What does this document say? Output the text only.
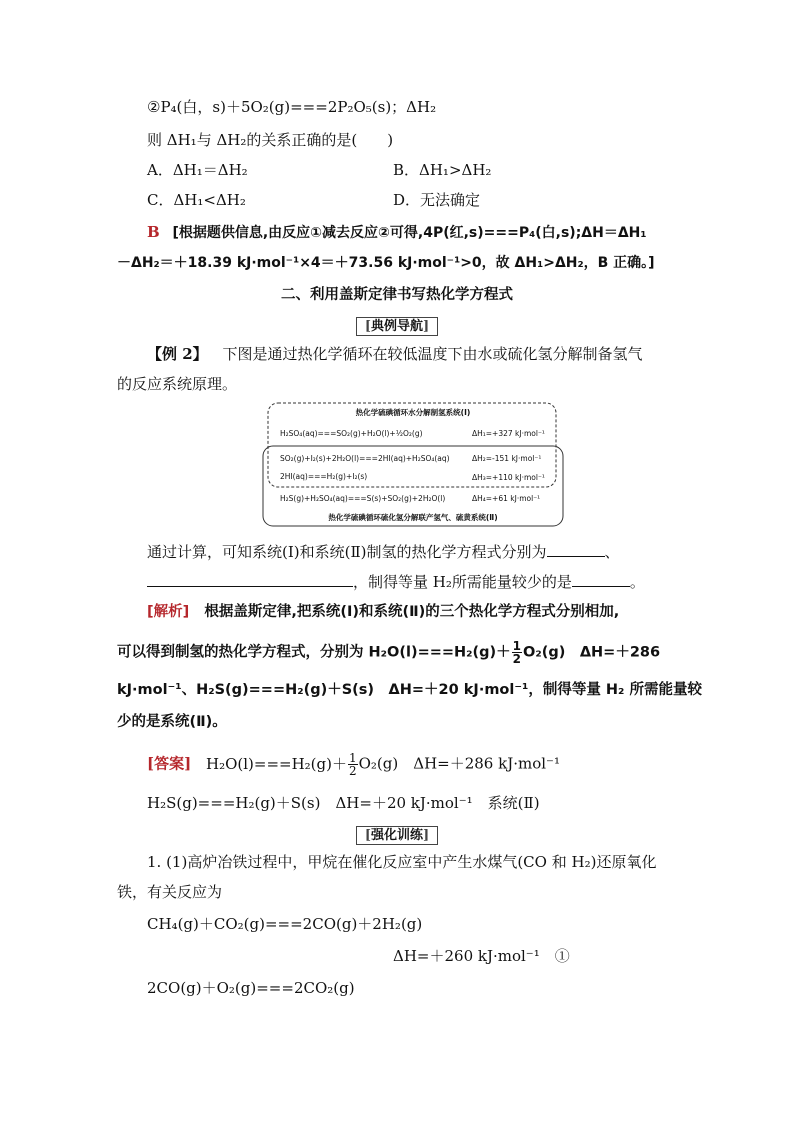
②P₄(白，s)＋5O₂(g)===2P₂O₅(s)；ΔH₂
则 ΔH₁与 ΔH₂的关系正确的是(　　)
A．ΔH₁＝ΔH₂	B．ΔH₁>ΔH₂
C．ΔH₁<ΔH₂	D．无法确定
B [根据题供信息,由反应①减去反应②可得,4P(红,s)===P₄(白,s);ΔH＝ΔH₁
－ΔH₂＝＋18.39 kJ·mol⁻¹×4＝＋73.56 kJ·mol⁻¹>0，故 ΔH₁>ΔH₂，B 正确。]
二、利用盖斯定律书写热化学方程式
[典例导航]
【例 2】 下图是通过热化学循环在较低温度下由水或硫化氢分解制备氢气
的反应系统原理。
热化学硫碘循环水分解制氢系统(Ⅰ)
H₂SO₄(aq)===SO₂(g)+H₂O(l)+½O₂(g)	ΔH₁=+327 kJ·mol⁻¹
SO₂(g)+I₂(s)+2H₂O(l)===2HI(aq)+H₂SO₄(aq)	ΔH₂=-151 kJ·mol⁻¹
2HI(aq)===H₂(g)+I₂(s)	ΔH₃=+110 kJ·mol⁻¹
H₂S(g)+H₂SO₄(aq)===S(s)+SO₂(g)+2H₂O(l)	ΔH₄=+61 kJ·mol⁻¹
热化学硫碘循环硫化氢分解联产氢气、硫黄系统(Ⅱ)
通过计算，可知系统(Ⅰ)和系统(Ⅱ)制氢的热化学方程式分别为	、
，制得等量 H₂所需能量较少的是	。
[解析] 根据盖斯定律,把系统(Ⅰ)和系统(Ⅱ)的三个热化学方程式分别相加,
可以得到制氢的热化学方程式，分别为 $H_2O(l)===H_2(g)+ \frac{1}{2} O_2(g)$　ΔH=＋286
kJ·mol⁻¹、H₂S(g)===H₂(g)＋S(s)　ΔH=＋20 kJ·mol⁻¹，制得等量 H₂ 所需能量较
少的是系统(Ⅱ)。
[答案] $H_2O(l)===H_2(g)+ \frac{1}{2} O_2(g)$　ΔH=＋286 kJ·mol⁻¹
H₂S(g)===H₂(g)＋S(s)　ΔH=＋20 kJ·mol⁻¹　系统(Ⅱ)
[强化训练]
1. (1)高炉冶铁过程中，甲烷在催化反应室中产生水煤气(CO 和 H₂)还原氧化
铁，有关反应为
CH₄(g)＋CO₂(g)===2CO(g)＋2H₂(g)
ΔH=＋260 kJ·mol⁻¹　①
2CO(g)＋O₂(g)===2CO₂(g)
